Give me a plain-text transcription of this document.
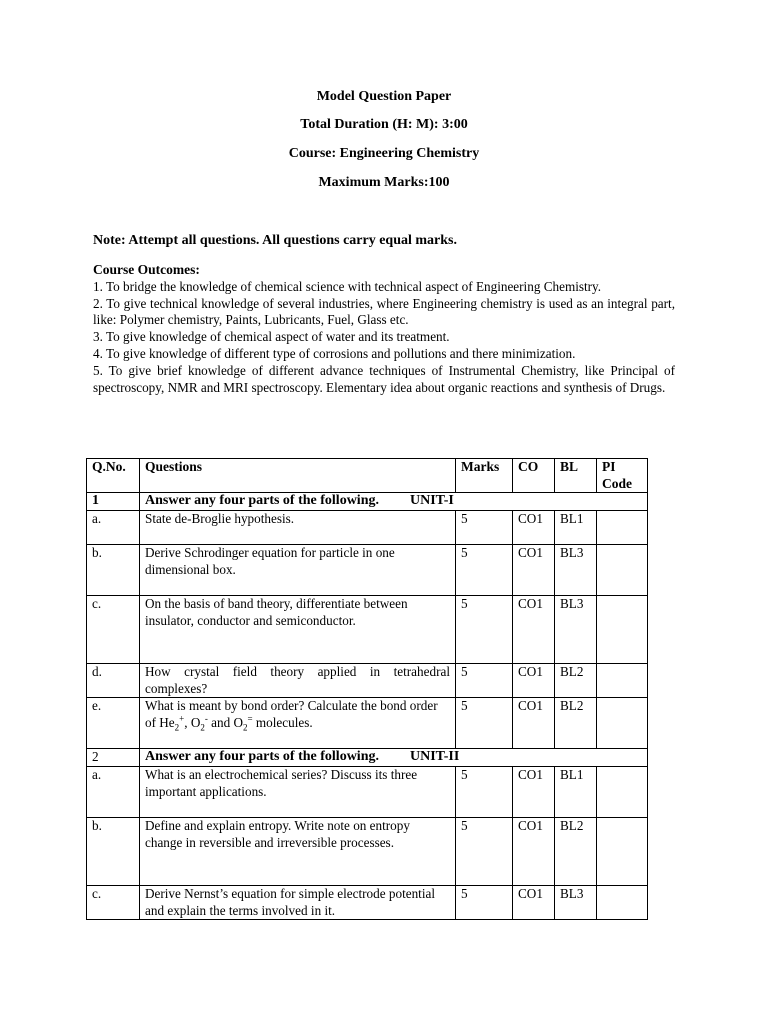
Model Question Paper
Total Duration (H: M): 3:00
Course: Engineering Chemistry
Maximum Marks:100
Note: Attempt all questions. All questions carry equal marks.
Course Outcomes:
1. To bridge the knowledge of chemical science with technical aspect of Engineering Chemistry.
2. To give technical knowledge of several industries, where Engineering chemistry is used as an integral part, like: Polymer chemistry, Paints, Lubricants, Fuel, Glass etc.
3. To give knowledge of chemical aspect of water and its treatment.
4. To give knowledge of different type of corrosions and pollutions and there minimization.
5. To give brief knowledge of different advance techniques of Instrumental Chemistry, like Principal of spectroscopy, NMR and MRI spectroscopy. Elementary idea about organic reactions and synthesis of Drugs.
Q.No.	Questions	Marks	CO	BL	PI
Code
1	Answer any four parts of the following. UNIT-I				
a.	State de-Broglie hypothesis.	5	CO1	BL1	
b.	Derive Schrodinger equation for particle in one dimensional box.	5	CO1	BL3	
c.	On the basis of band theory, differentiate between insulator, conductor and semiconductor.	5	CO1	BL3	
d.	How crystal field theory applied in tetrahedral complexes?	5	CO1	BL2	
e.	What is meant by bond order? Calculate the bond order of $He_2^+$, $O_2^-$ and $O_2^=$ molecules.	5	CO1	BL2	
2	Answer any four parts of the following. UNIT-II				
a.	What is an electrochemical series? Discuss its three important applications.	5	CO1	BL1	
b.	Define and explain entropy. Write note on entropy change in reversible and irreversible processes.	5	CO1	BL2	
c.	Derive Nernst’s equation for simple electrode potential and explain the terms involved in it.	5	CO1	BL3	
